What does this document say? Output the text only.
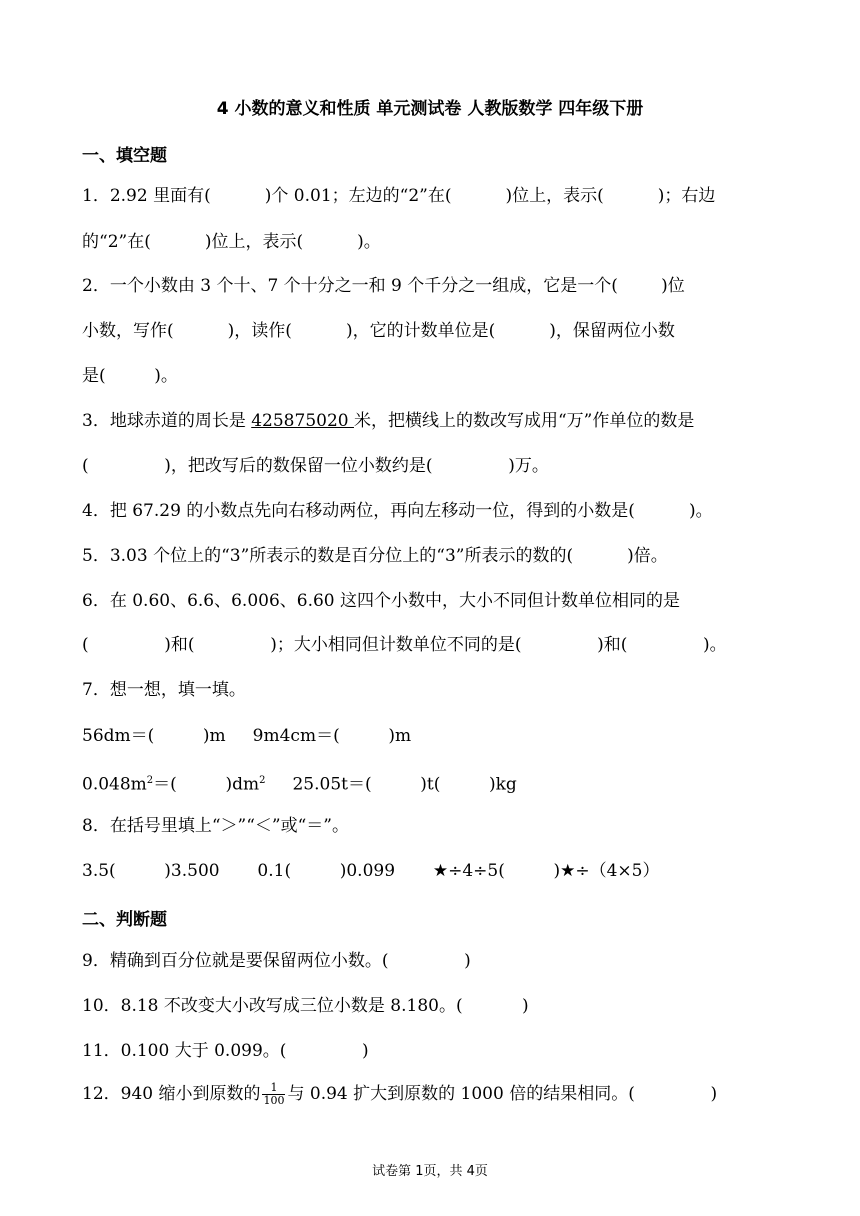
4 小数的意义和性质 单元测试卷 人教版数学 四年级下册
一、填空题
1．2.92 里面有(          )个 0.01；左边的“2”在(          )位上，表示(          )；右边
的“2”在(          )位上，表示(          )。
2．一个小数由 3 个十、7 个十分之一和 9 个千分之一组成，它是一个(        )位
小数，写作(          )，读作(          )，它的计数单位是(          )，保留两位小数
是(         )。
3．地球赤道的周长是 425875020 米，把横线上的数改写成用“万”作单位的数是
(              )，把改写后的数保留一位小数约是(              )万。
4．把 67.29 的小数点先向右移动两位，再向左移动一位，得到的小数是(          )。
5．3.03 个位上的“3”所表示的数是百分位上的“3”所表示的数的(          )倍。
6．在 0.60、6.6、6.006、6.60 这四个小数中，大小不同但计数单位相同的是
(              )和(              )；大小相同但计数单位不同的是(              )和(              )。
7．想一想，填一填。
56dm＝(         )m     9m4cm＝(         )m
$0.048m^2=$(         )$dm^2$     25.05t＝(         )t(         )kg
8．在括号里填上“＞”“＜”或“＝”。
3.5(         )3.500       0.1(         )0.099       ★÷4÷5(         )★÷（4×5）
二、判断题
9．精确到百分位就是要保留两位小数。(              )
10．8.18 不改变大小改写成三位小数是 8.180。(           )
11．0.100 大于 0.099。(              )
12．940 缩小到原数的 $\frac{1}{100}$ 与 0.94 扩大到原数的 1000 倍的结果相同。(              )
试卷第 1页，共 4页
